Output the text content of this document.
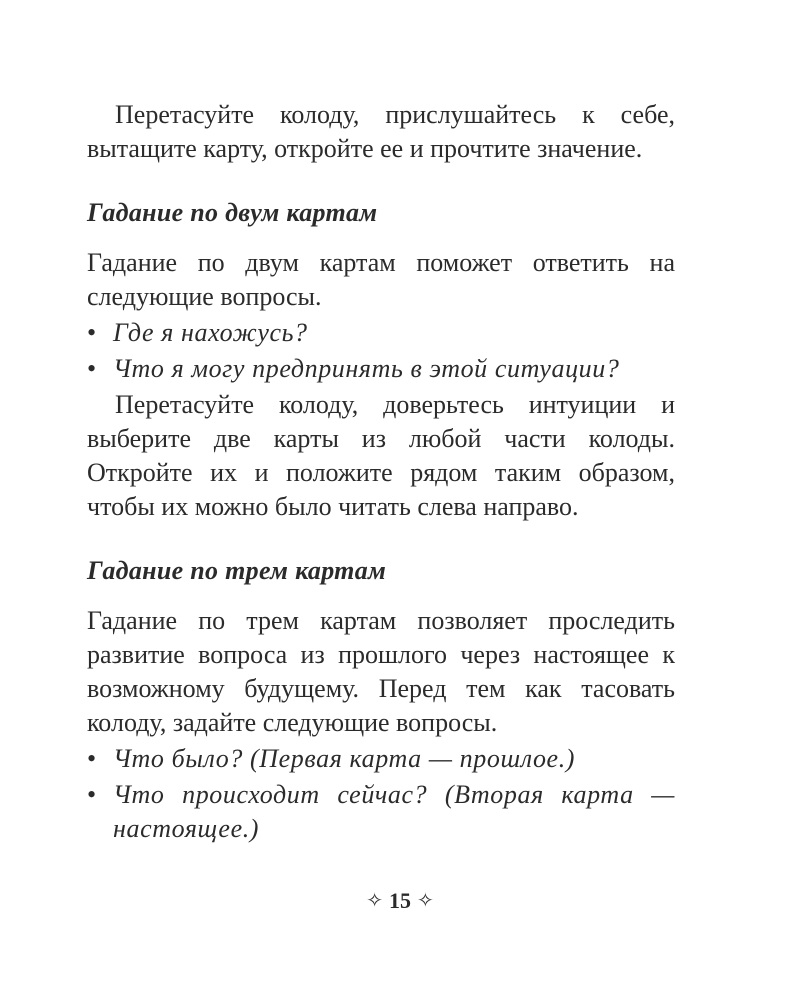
Перетасуйте колоду, прислушайтесь к себе, вытащите карту, откройте ее и прочтите значение.

Гадание по двум картам

Гадание по двум картам поможет ответить на следующие вопросы.

• Где я нахожусь?
• Что я могу предпринять в этой ситуации?

Перетасуйте колоду, доверьтесь интуиции и выберите две карты из любой части колоды. Откройте их и положите рядом таким образом, чтобы их можно было читать слева направо.

Гадание по трем картам

Гадание по трем картам позволяет проследить развитие вопроса из прошлого через настоящее к возможному будущему. Перед тем как тасовать колоду, задайте следующие вопросы.

• Что было? (Первая карта — прошлое.)
• Что происходит сейчас? (Вторая карта — настоящее.)
✧ 15 ✧
